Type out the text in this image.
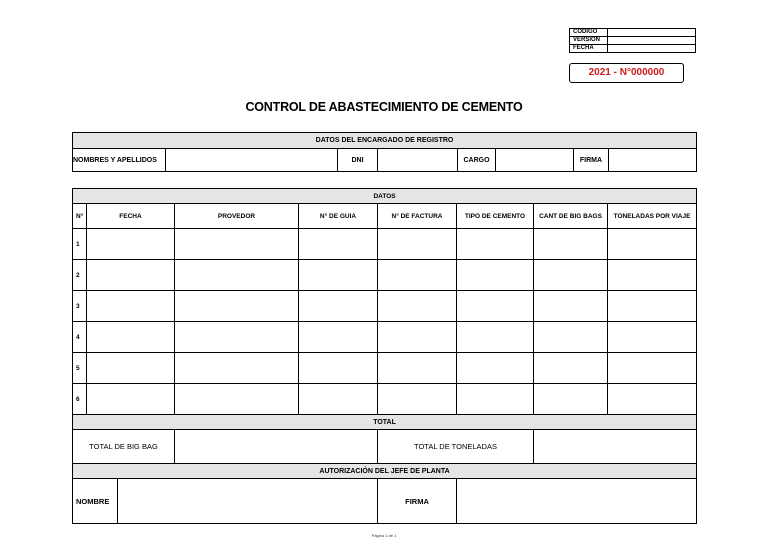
CÓDIGO	
VERSIÓN	
FECHA	
2021 - N°000000
CONTROL DE ABASTECIMIENTO DE CEMENTO
DATOS DEL ENCARGADO DE REGISTRO
NOMBRES Y APELLIDOS		DNI		CARGO		FIRMA	
DATOS								
N°	FECHA		PROVEDOR	N° DE GUIA	N° DE FACTURA	TIPO DE CEMENTO	CANT DE BIG BAGS	TONELADAS POR VIAJE
1								
2								
3								
4								
5								
6								
TOTAL								
TOTAL DE BIG BAG					TOTAL DE TONELADAS			
AUTORIZACIÓN DEL JEFE DE PLANTA								
NOMBRE					FIRMA			
Página 1 de 1
